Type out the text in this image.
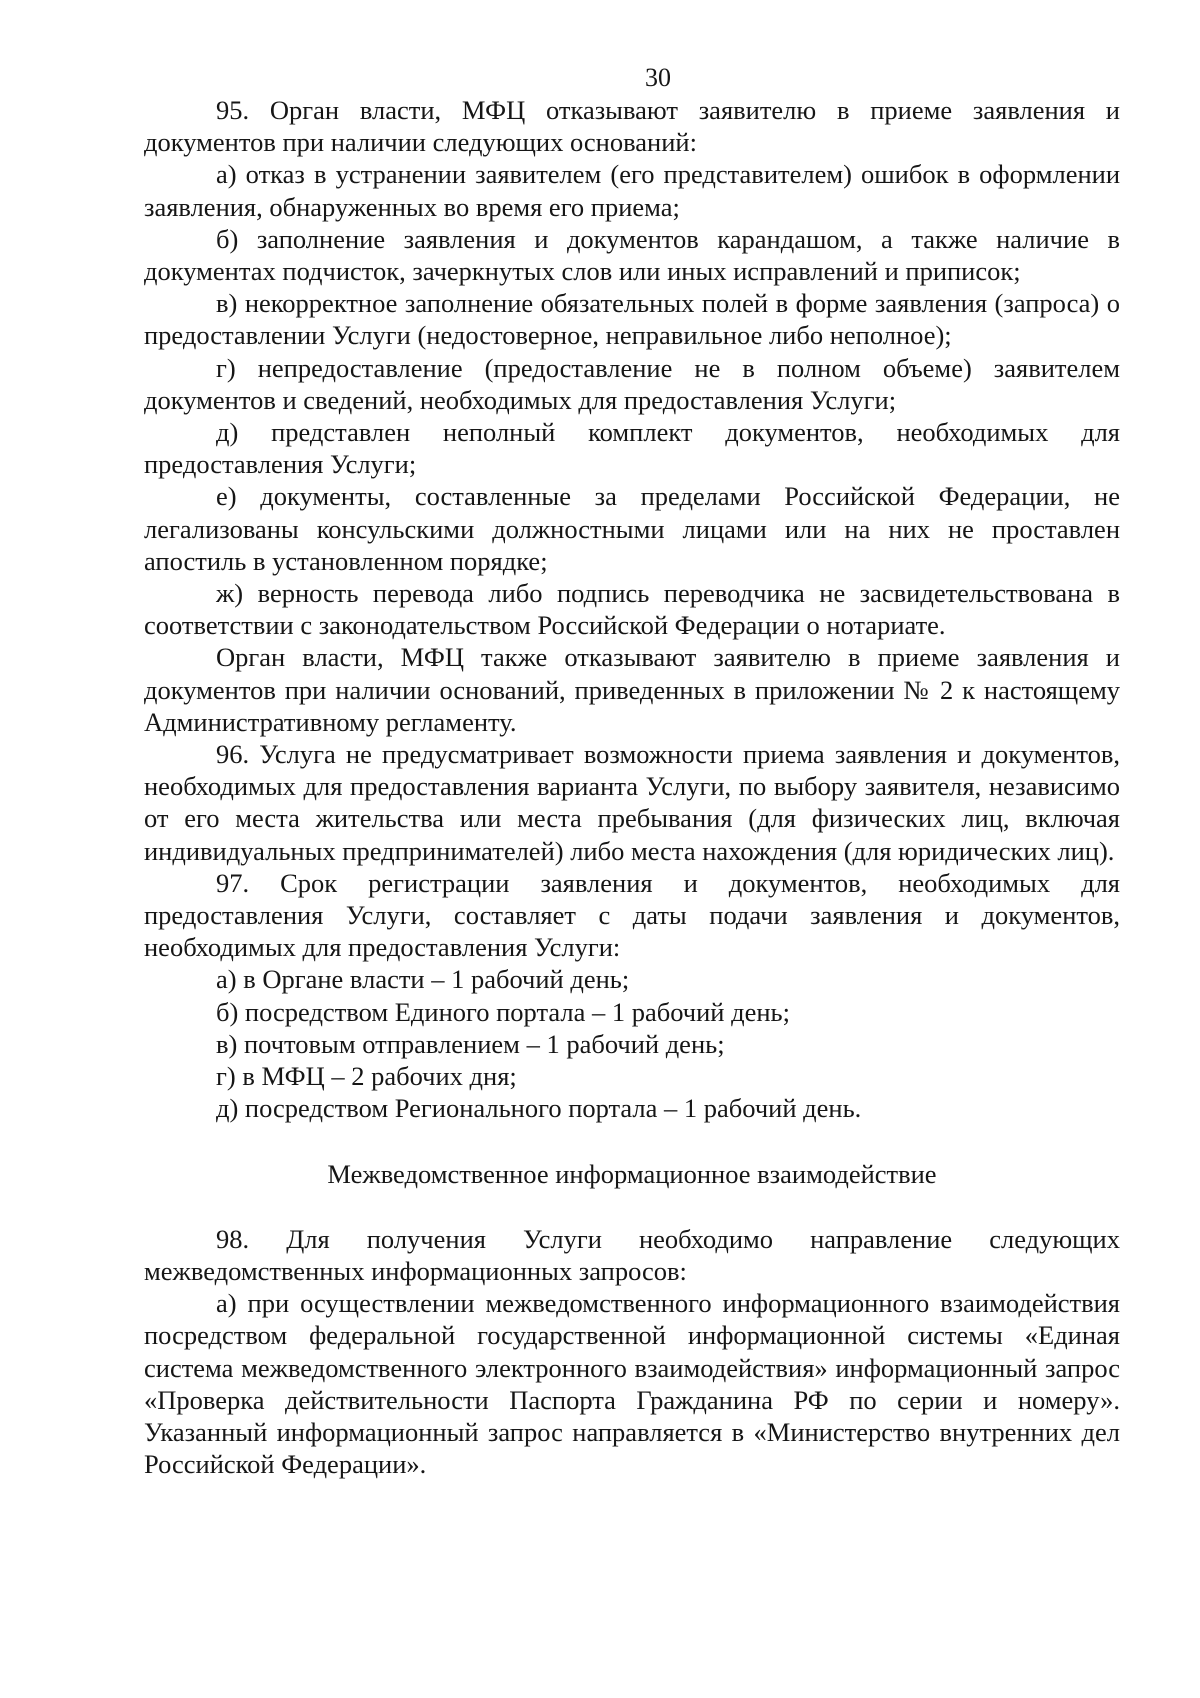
30

95. Орган власти, МФЦ отказывают заявителю в приеме заявления и документов при наличии следующих оснований:

а) отказ в устранении заявителем (его представителем) ошибок в оформлении заявления, обнаруженных во время его приема;

б) заполнение заявления и документов карандашом, а также наличие в документах подчисток, зачеркнутых слов или иных исправлений и приписок;

в) некорректное заполнение обязательных полей в форме заявления (запроса) о предоставлении Услуги (недостоверное, неправильное либо неполное);

г) непредоставление (предоставление не в полном объеме) заявителем документов и сведений, необходимых для предоставления Услуги;

д) представлен неполный комплект документов, необходимых для предоставления Услуги;

е) документы, составленные за пределами Российской Федерации, не легализованы консульскими должностными лицами или на них не проставлен апостиль в установленном порядке;

ж) верность перевода либо подпись переводчика не засвидетельствована в соответствии с законодательством Российской Федерации о нотариате.

Орган власти, МФЦ также отказывают заявителю в приеме заявления и документов при наличии оснований, приведенных в приложении № 2 к настоящему Административному регламенту.

96. Услуга не предусматривает возможности приема заявления и документов, необходимых для предоставления варианта Услуги, по выбору заявителя, независимо от его места жительства или места пребывания (для физических лиц, включая индивидуальных предпринимателей) либо места нахождения (для юридических лиц).

97. Срок регистрации заявления и документов, необходимых для предоставления Услуги, составляет с даты подачи заявления и документов, необходимых для предоставления Услуги:

а) в Органе власти – 1 рабочий день;

б) посредством Единого портала – 1 рабочий день;

в) почтовым отправлением – 1 рабочий день;

г) в МФЦ – 2 рабочих дня;

д) посредством Регионального портала – 1 рабочий день.

Межведомственное информационное взаимодействие

98. Для получения Услуги необходимо направление следующих межведомственных информационных запросов:

а) при осуществлении межведомственного информационного взаимодействия посредством федеральной государственной информационной системы «Единая система межведомственного электронного взаимодействия» информационный запрос «Проверка действительности Паспорта Гражданина РФ по серии и номеру». Указанный информационный запрос направляется в «Министерство внутренних дел Российской Федерации».
